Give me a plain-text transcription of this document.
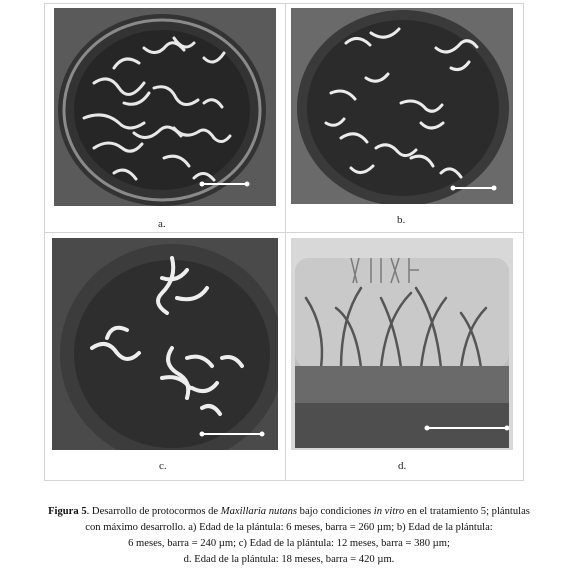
a.	b.
c.	d.
Figura 5. Desarrollo de protocormos de Maxillaria nutans bajo condiciones in vitro en el tratamiento 5; plántulas
con máximo desarrollo. a) Edad de la plántula: 6 meses, barra = 260 µm; b) Edad de la plántula:
6 meses, barra = 240 µm; c) Edad de la plántula: 12 meses, barra = 380 µm;
d. Edad de la plántula: 18 meses, barra = 420 µm.
